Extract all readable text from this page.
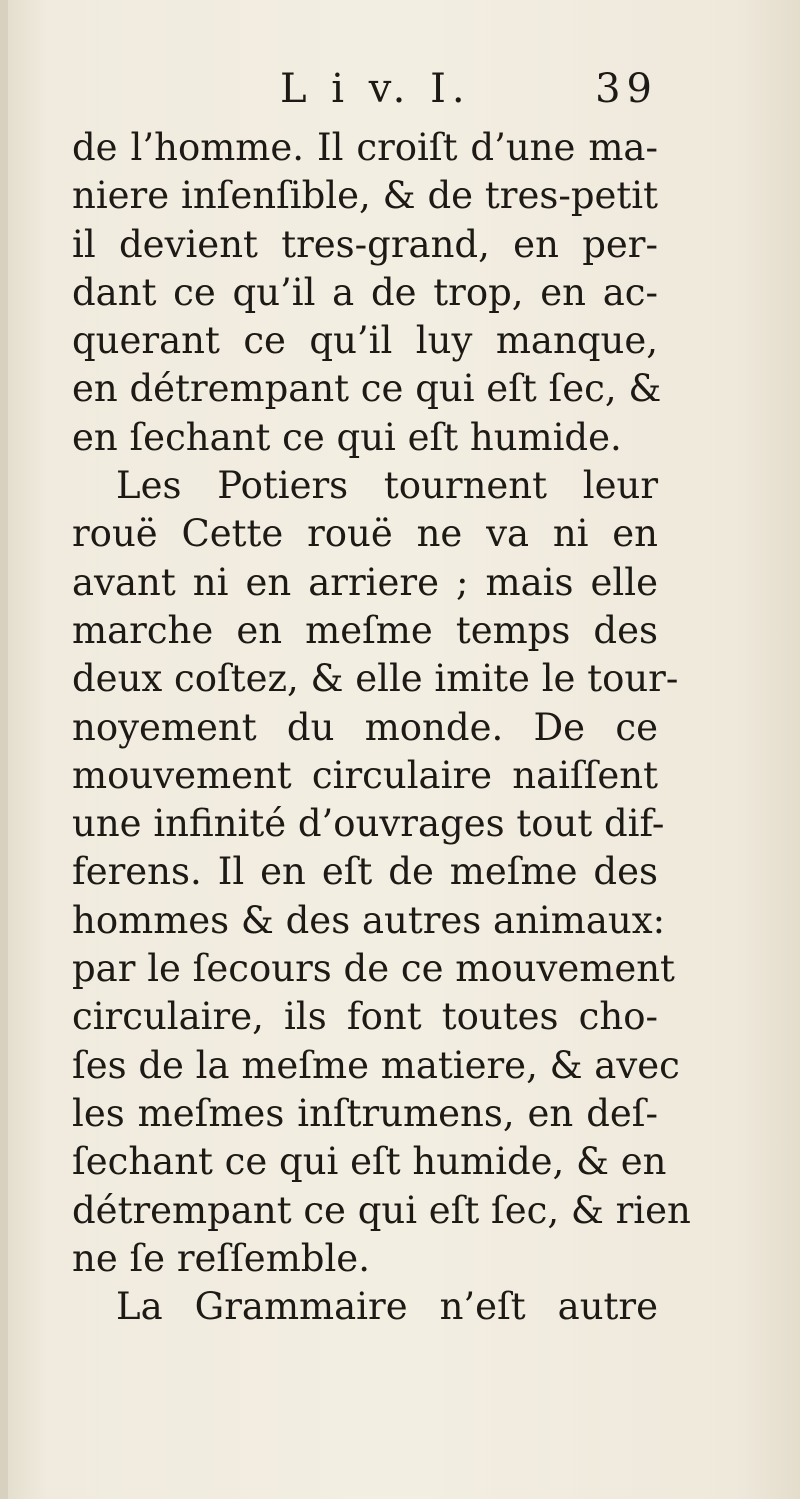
L i v. I.	39
de l’homme. Il croiſt d’une ma-
niere inſenſible, & de tres-petit
il devient tres-grand, en per-
dant ce qu’il a de trop, en ac-
querant ce qu’il luy manque,
en détrempant ce qui eſt ſec, &
en ſechant ce qui eſt humide.
Les Potiers tournent leur
rouë Cette rouë ne va ni en
avant ni en arriere ; mais elle
marche en meſme temps des
deux coſtez, & elle imite le tour-
noyement du monde. De ce
mouvement circulaire naiſſent
une infinité d’ouvrages tout dif-
ferens. Il en eſt de meſme des
hommes & des autres animaux:
par le ſecours de ce mouvement
circulaire, ils font toutes cho-
ſes de la meſme matiere, & avec
les meſmes inſtrumens, en deſ-
ſechant ce qui eſt humide, & en
détrempant ce qui eſt ſec, & rien
ne ſe reſſemble.
La Grammaire n’eſt autre
